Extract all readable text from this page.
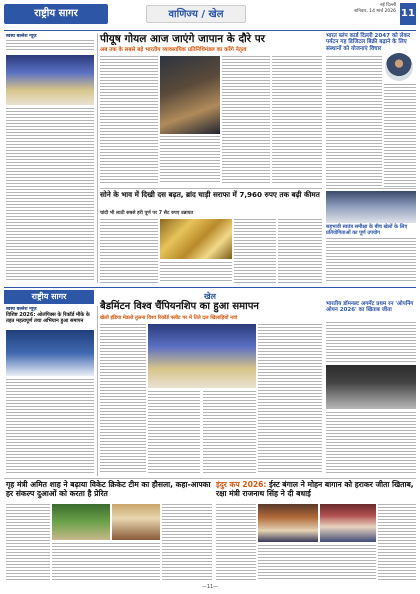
राष्ट्रीय सागर	वाणिज्य / खेल
नई दिल्ली
शनिवार, 14 मार्च 2026 11
स्वस्थ बल्लेश न्यूज़	पीयूष गोयल आज जाएंगे जापान के दौरे पर
अब तक के सबसे बड़े भारतीय व्यावसायिक प्रतिनिधिमंडल का करेंगे नेतृत्व
भारत ब्लंप कार्ड दिल्ली 2047 को लेकर पर्यटन गह डिजिटल बिक्री बढ़ाने के लिए संस्थानों को योजनाएं विचार
सोने के भाव में दिखी दस बढ़त, ब्रांद चाड़ी सराफा में 7,960 रुपए तक बढ़ी कीमत
चांदी भी लाठी सबसे हरी पूर्ण पर 7 सैट रुपए उन्नायत
सहभावी स्वतंत्र समीक्षा के बीच खेलों के लिए प्रतियोगिताओं का पूर्ण उपयोग
राष्ट्रीय सागर	खेल
स्वस्थ बल्लेश न्यूज़
विशिष्ट 2026: ओलंपिक्स के रिकॉर्ड मौके के तहत महत्वपूर्ण तथा अभियान हुआ समापन
बैडमिंटन विश्व चैंपियनशिप का हुआ समापन
खेलो इंडिया मेडलों तुलना विश्व रिकॉर्ड फ्लीट पर में तिते दल खिलाड़ियों नवां
भारतीय डॉमनल्ट अगमेंट प्रथम रन 'ओपनिंग ओपन 2026' का खिताब जीता
गृह मंत्री अमित शाह ने बढ़ाया विकेट क्रिकेट टीम का हौसला, कहा-आपका हर संकल्प दुआओं को करता है प्रेरित
इंदुर कप 2026: ईस्ट बंगाल ने मोहन बागान को हराकर जीता खिताब, रक्षा मंत्री राजनाथ सिंह ने दी बधाई
—11—
